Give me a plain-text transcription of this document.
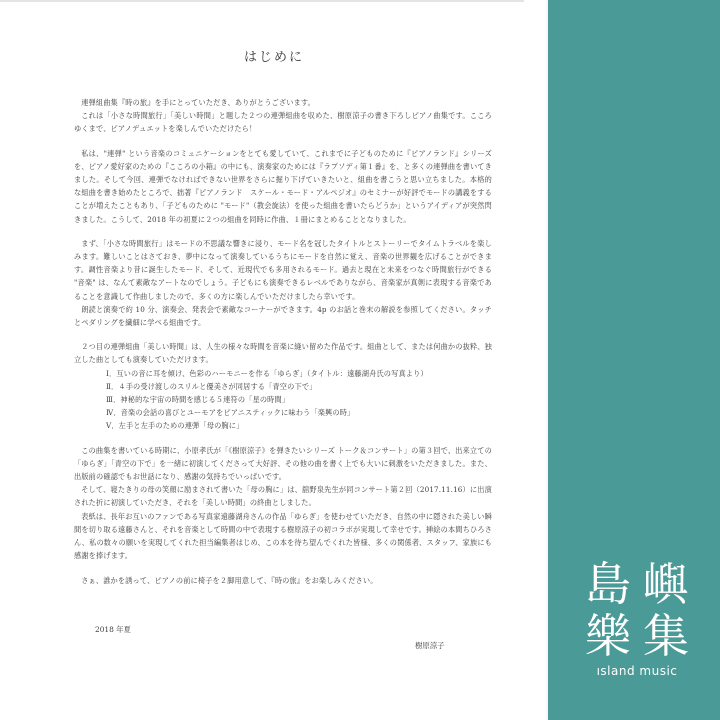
はじめに

連弾組曲集『時の旅』を手にとっていただき、ありがとうございます。

これは「小さな時間旅行」「美しい時間」と題した２つの連弾組曲を収めた、樹原涼子の書き下ろしピアノ曲集です。こころゆくまで、ピアノデュエットを楽しんでいただけたら！

私は、"連弾" という音楽のコミュニケーションをとても愛していて、これまでに子どものために『ピアノランド』シリーズを、ピアノ愛好家のための『こころの小箱』の中にも、演奏家のためには『ラプソディ第１番』を、と多くの連弾曲を書いてきました。そして今回、連弾でなければできない世界をさらに掘り下げていきたいと、組曲を書こうと思い立ちました。本格的な組曲を書き始めたところで、拙著『ピアノランド　スケール・モード・アルペジオ』のセミナーが好評でモードの講義をすることが増えたこともあり、「子どものために "モード"（教会旋法）を使った組曲を書いたらどうか」というアイディアが突然閃きました。こうして、2018 年の初夏に２つの組曲を同時に作曲、１冊にまとめることとなりました。

まず、「小さな時間旅行」はモードの不思議な響きに浸り、モード名を冠したタイトルとストーリーでタイムトラベルを楽しみます。難しいことはさておき、夢中になって演奏しているうちにモードを自然に覚え、音楽の世界観を広げることができます。調性音楽より昔に誕生したモード、そして、近現代でも多用されるモード。過去と現在と未来をつなぐ時間旅行ができる "音楽" は、なんて素敵なアートなのでしょう。子どもにも演奏できるレベルでありながら、音楽家が真剣に表現する音楽であることを意識して作曲しましたので、多くの方に楽しんでいただけましたら幸いです。

朗読と演奏で約 10 分、演奏会、発表会で素敵なコーナーができます。4p のお話と巻末の解説を参照してください。タッチとペダリングを繊細に学べる組曲です。

２つ目の連弾組曲「美しい時間」は、人生の様々な時間を音楽に縫い留めた作品です。組曲として、または何曲かの抜粋、独立した曲としても演奏していただけます。

Ⅰ．互いの音に耳を傾け、色彩のハーモニーを作る「ゆらぎ」（タイトル：遠藤湖舟氏の写真より）

Ⅱ．４手の受け渡しのスリルと優美さが同居する「青空の下で」

Ⅲ．神秘的な宇宙の時間を感じる５連符の「星の時間」

Ⅳ．音楽の会話の喜びとユーモアをピアニスティックに味わう「楽興の時」

Ⅴ．左手と左手のための連弾「母の胸に」

この曲集を書いている時期に、小原孝氏が「《樹原涼子》を弾きたいシリーズ トーク＆コンサート」の第３回で、出来立ての「ゆらぎ」「青空の下で」を一緒に初演してくださって大好評、その他の曲を書く上でも大いに刺激をいただきました。また、出版前の確認でもお世話になり、感謝の気持ちでいっぱいです。

そして、寝たきりの母の笑顔に励まされて書いた「母の胸に」は、舘野泉先生が同コンサート第２回（2017.11.16）に出演された折に初演していただき、それを「美しい時間」の終曲としました。

表紙は、長年お互いのファンである写真家遠藤湖舟さんの作品「ゆらぎ」を使わせていただき、自然の中に隠された美しい瞬間を切り取る遠藤さんと、それを音楽として時間の中で表現する樹原涼子の初コラボが実現して幸せです。挿絵の本間ちひろさん、私の数々の願いを実現してくれた担当編集者はじめ、この本を待ち望んでくれた皆様、多くの関係者、スタッフ、家族にも感謝を捧げます。

さぁ、誰かを誘って、ピアノの前に椅子を２脚用意して、『時の旅』をお楽しみください。

2018 年夏
樹原涼子
島 嶼
樂 集
ısland music
